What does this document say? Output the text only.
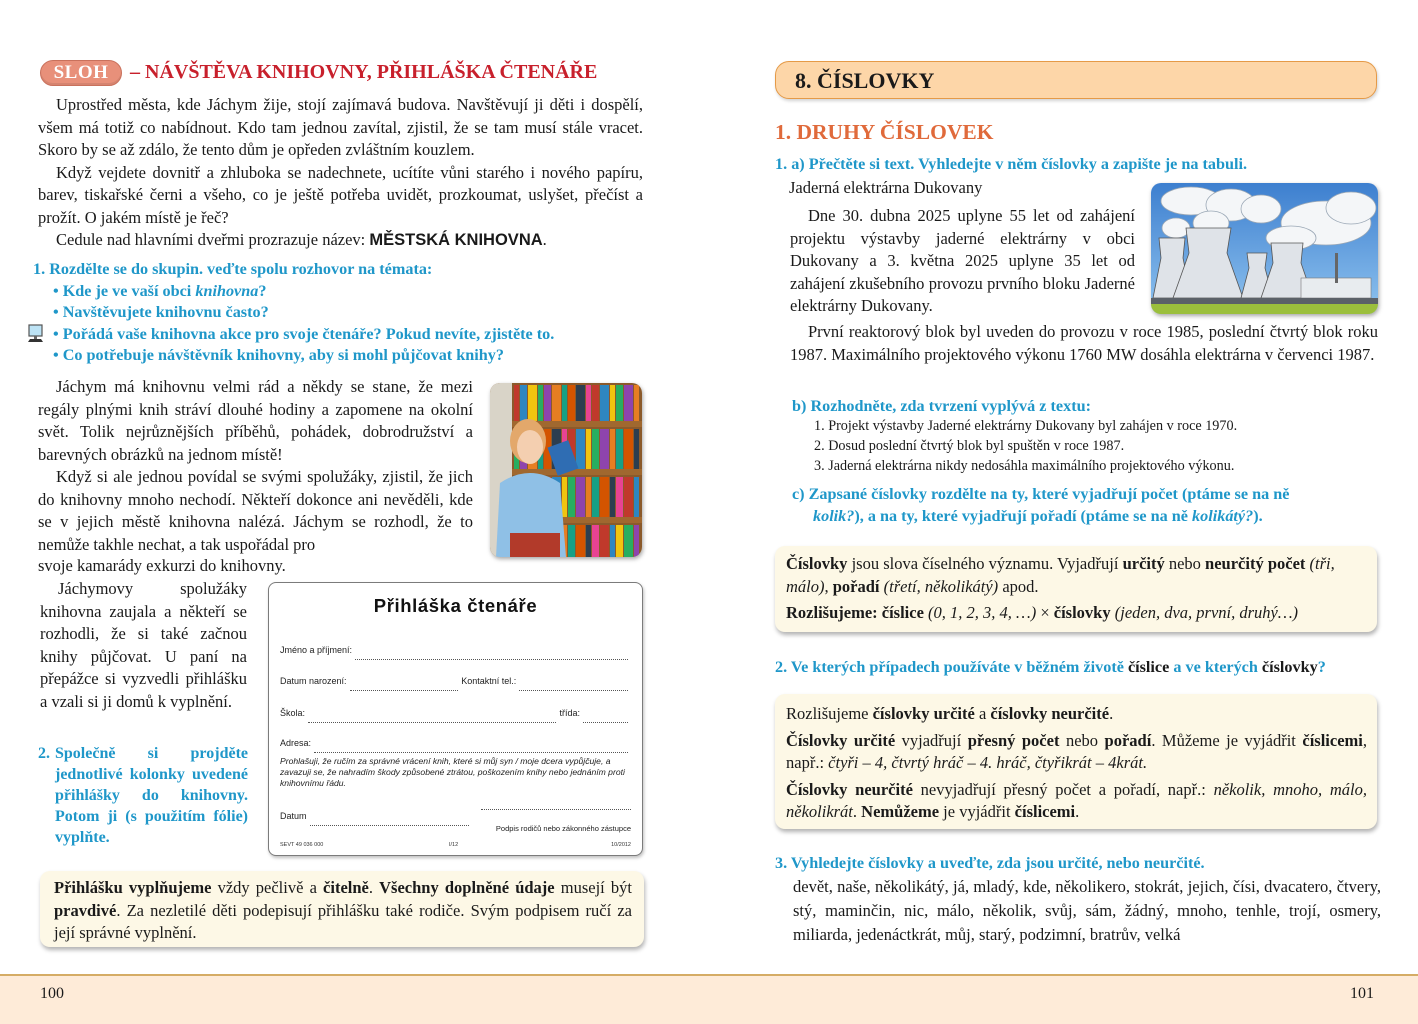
SLOH	– NÁVŠTĚVA KNIHOVNY, PŘIHLÁŠKA ČTENÁŘE

Uprostřed města, kde Jáchym žije, stojí zajímavá budova. Navštěvují ji děti i dospělí, všem má totiž co nabídnout. Kdo tam jednou zavítal, zjistil, že se tam musí stále vracet. Skoro by se až zdálo, že tento dům je opředen zvláštním kouzlem.

Když vejdete dovnitř a zhluboka se nadechnete, ucítíte vůni starého i nového papíru, barev, tiskařské černi a všeho, co je ještě potřeba uvidět, prozkoumat, uslyšet, přečíst a prožít. O jakém místě je řeč?

Cedule nad hlavními dveřmi prozrazuje název: MĚSTSKÁ KNIHOVNA.

1. Rozdělte se do skupin. veďte spolu rozhovor na témata:
• Kde je ve vaší obci knihovna?
• Navštěvujete knihovnu často?
• Pořádá vaše knihovna akce pro svoje čtenáře? Pokud nevíte, zjistěte to.
• Co potřebuje návštěvník knihovny, aby si mohl půjčovat knihy?

Jáchym má knihovnu velmi rád a někdy se stane, že mezi regály plnými knih stráví dlouhé hodiny a zapomene na okolní svět. Tolik nejrůznějších příběhů, pohádek, dobrodružství a barevných obrázků na jednom místě!

Když si ale jednou povídal se svými spolužáky, zjistil, že jich do knihovny mnoho nechodí. Někteří dokonce ani nevěděli, kde se v jejich městě knihovna nalézá. Jáchym se rozhodl, že to nemůže takhle nechat, a tak uspořádal pro

svoje kamarády exkurzi do knihovny.

Jáchymovy spolužáky knihovna zaujala a někteří se rozhodli, že si také začnou knihy půjčovat. U paní na přepážce si vyzvedli přihlášku a vzali si ji domů k vyplnění.

2. Společně si projděte jednotlivé kolonky uvedené přihlášky do knihovny. Potom ji (s použitím fólie) vyplňte.
Přihláška čtenáře
Jméno a příjmení:
Datum narození:	Kontaktní tel.:
Škola:	třída:
Adresa:
Prohlašuji, že ručím za správné vrácení knih, které si můj syn / moje dcera vypůjčuje, a zavazuji se, že nahradím škody způsobené ztrátou, poškozením knihy nebo jednáním proti knihovnímu řádu.
Datum
Podpis rodičů nebo zákonného zástupce
SEVT 49 036 000	I/12	10/2012
Přihlášku vyplňujeme vždy pečlivě a čitelně. Všechny doplněné údaje musejí být pravdivé. Za nezletilé děti podepisují přihlášku také rodiče. Svým podpisem ručí za její správné vyplnění.
8. ČÍSLOVKY
1. DRUHY ČÍSLOVEK
1. a) Přečtěte si text. Vyhledejte v něm číslovky a zapište je na tabuli.
Jaderná elektrárna Dukovany
Dne 30. dubna 2025 uplyne 55 let od zahájení projektu výstavby jaderné elektrárny v obci Dukovany a 3. května 2025 uplyne 35 let od zahájení zkušebního provozu prvního bloku Jaderné elektrárny Dukovany.
První reaktorový blok byl uveden do provozu v roce 1985, poslední čtvrtý blok roku 1987. Maximálního projektového výkonu 1760 MW dosáhla elektrárna v červenci 1987.
b) Rozhodněte, zda tvrzení vyplývá z textu:
1. Projekt výstavby Jaderné elektrárny Dukovany byl zahájen v roce 1970.
2. Dosud poslední čtvrtý blok byl spuštěn v roce 1987.
3. Jaderná elektrárna nikdy nedosáhla maximálního projektového výkonu.
c) Zapsané číslovky rozdělte na ty, které vyjadřují počet (ptáme se na ně
kolik?), a na ty, které vyjadřují pořadí (ptáme se na ně kolikátý?).

Číslovky jsou slova číselného významu. Vyjadřují určitý nebo neurčitý počet (tři, málo), pořadí (třetí, několikátý) apod.

Rozlišujeme: číslice (0, 1, 2, 3, 4, …) × číslovky (jeden, dva, první, druhý…)

2. Ve kterých případech používáte v běžném životě číslice a ve kterých číslovky?

Rozlišujeme číslovky určité a číslovky neurčité.

Číslovky určité vyjadřují přesný počet nebo pořadí. Můžeme je vyjádřit číslicemi, např.: čtyři – 4, čtvrtý hráč – 4. hráč, čtyřikrát – 4krát.

Číslovky neurčité nevyjadřují přesný počet a pořadí, např.: několik, mnoho, málo, několikrát. Nemůžeme je vyjádřit číslicemi.

3. Vyhledejte číslovky a uveďte, zda jsou určité, nebo neurčité.
devět, naše, několikátý, já, mladý, kde, několikero, stokrát, jejich, čísi, dvacatero, čtvery, stý, maminčin, nic, málo, několik, svůj, sám, žádný, mnoho, tenhle, trojí, osmery, miliarda, jedenáctkrát, můj, starý, podzimní, bratrův, velká
100	101
